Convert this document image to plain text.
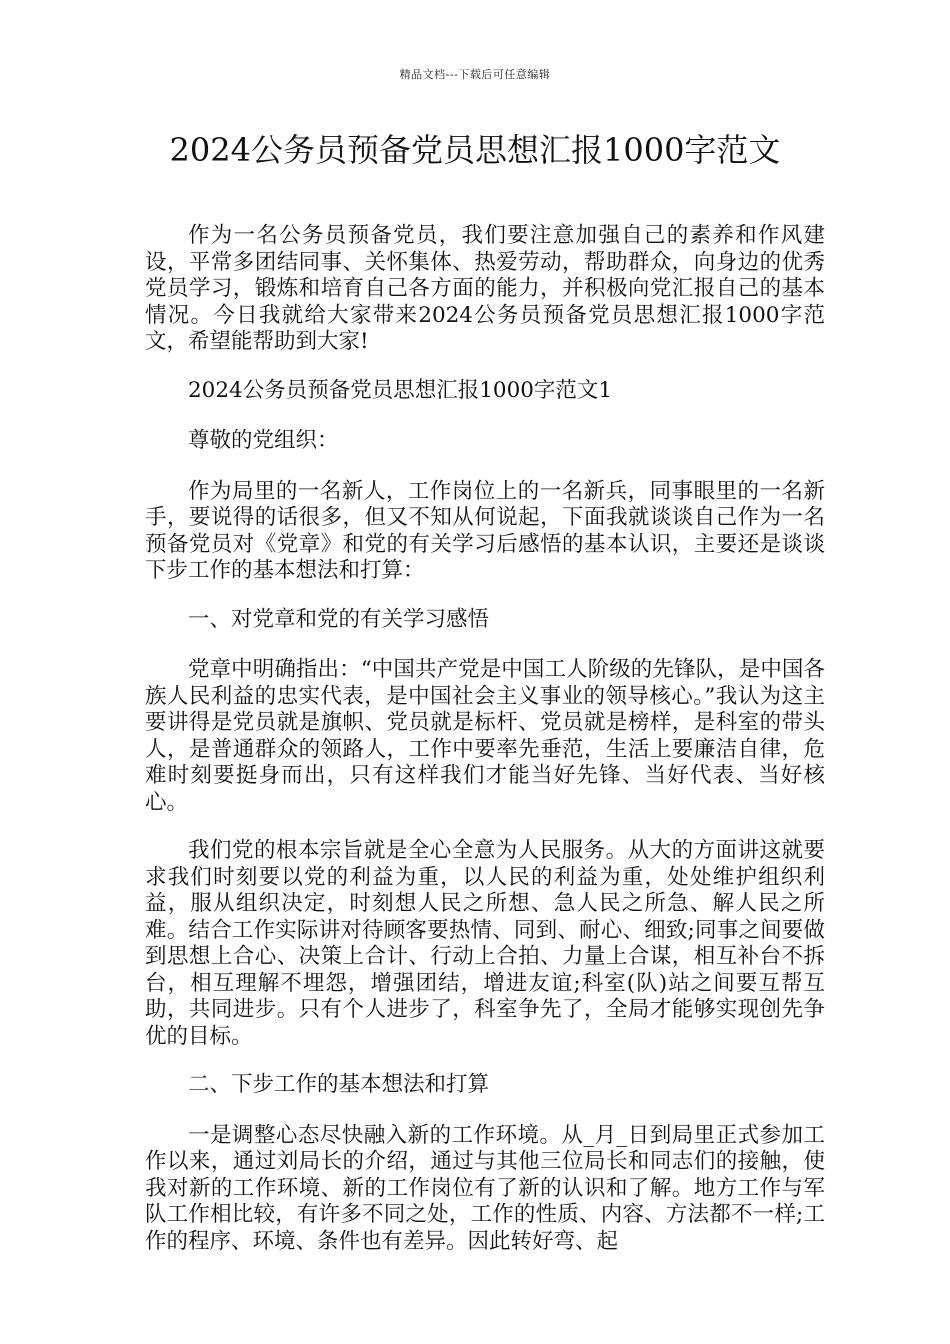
精品文档---下载后可任意编辑
2024公务员预备党员思想汇报1000字范文

作为一名公务员预备党员，我们要注意加强自己的素养和作风建设，平常多团结同事、关怀集体、热爱劳动，帮助群众，向身边的优秀党员学习，锻炼和培育自己各方面的能力，并积极向党汇报自己的基本情况。今日我就给大家带来2024公务员预备党员思想汇报1000字范文，希望能帮助到大家!

2024公务员预备党员思想汇报1000字范文1

尊敬的党组织：

作为局里的一名新人，工作岗位上的一名新兵，同事眼里的一名新手，要说得的话很多，但又不知从何说起，下面我就谈谈自己作为一名预备党员对《党章》和党的有关学习后感悟的基本认识，主要还是谈谈下步工作的基本想法和打算：

一、对党章和党的有关学习感悟

党章中明确指出：“中国共产党是中国工人阶级的先锋队，是中国各族人民利益的忠实代表，是中国社会主义事业的领导核心。”我认为这主要讲得是党员就是旗帜、党员就是标杆、党员就是榜样，是科室的带头人，是普通群众的领路人，工作中要率先垂范，生活上要廉洁自律，危难时刻要挺身而出，只有这样我们才能当好先锋、当好代表、当好核心。

我们党的根本宗旨就是全心全意为人民服务。从大的方面讲这就要求我们时刻要以党的利益为重，以人民的利益为重，处处维护组织利益，服从组织决定，时刻想人民之所想、急人民之所急、解人民之所难。结合工作实际讲对待顾客要热情、同到、耐心、细致;同事之间要做到思想上合心、决策上合计、行动上合拍、力量上合谋，相互补台不拆台，相互理解不埋怨，增强团结，增进友谊;科室(队)站之间要互帮互助，共同进步。只有个人进步了，科室争先了，全局才能够实现创先争优的目标。

二、下步工作的基本想法和打算

一是调整心态尽快融入新的工作环境。从_月_日到局里正式参加工作以来，通过刘局长的介绍，通过与其他三位局长和同志们的接触，使我对新的工作环境、新的工作岗位有了新的认识和了解。地方工作与军队工作相比较，有许多不同之处，工作的性质、内容、方法都不一样;工作的程序、环境、条件也有差异。因此转好弯、起
